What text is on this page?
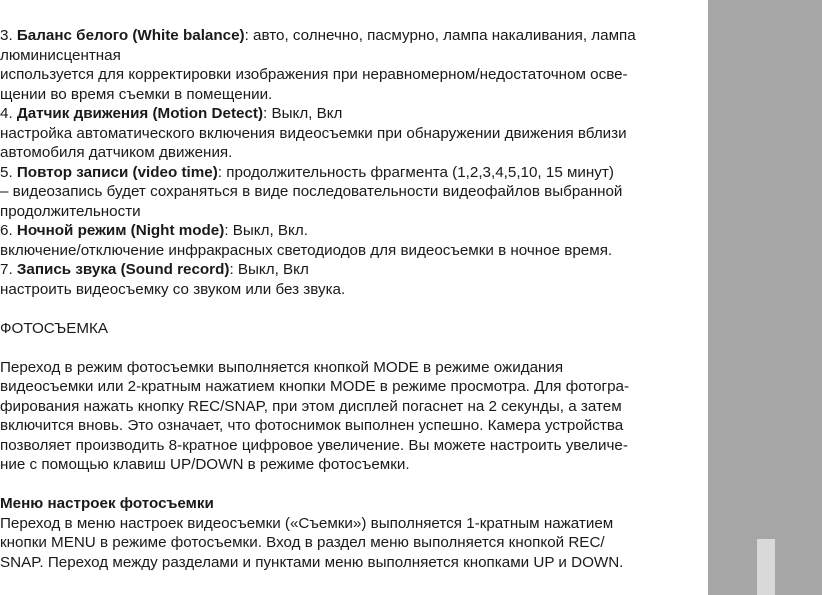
3. Баланс белого (White balance): авто, солнечно, пасмурно, лампа накаливания, лампа

люминисцентная

используется для корректировки изображения при неравномерном/недостаточном осве-

щении во время съемки в помещении.

4. Датчик движения (Motion Detect): Выкл, Вкл

настройка автоматического включения видеосъемки при обнаружении движения вблизи

автомобиля датчиком движения.

5. Повтор записи (video time): продолжительность фрагмента (1,2,3,4,5,10, 15 минут)

– видеозапись будет сохраняться в виде последовательности видеофайлов выбранной

продолжительности

6. Ночной режим (Night mode): Выкл, Вкл.

включение/отключение инфракрасных светодиодов для видеосъемки в ночное время.

7. Запись звука (Sound record): Выкл, Вкл

настроить видеосъемку со звуком или без звука.

ФОТОСЪЕМКА

Переход в режим фотосъемки выполняется кнопкой MODE в режиме ожидания

видеосъемки или 2-кратным нажатием кнопки MODE в режиме просмотра. Для фотогра-

фирования нажать кнопку REC/SNAP, при этом дисплей погаснет на 2 секунды, а затем

включится вновь. Это означает, что фотоснимок выполнен успешно. Камера устройства

позволяет производить 8-кратное цифровое увеличение. Вы можете настроить увеличе-

ние с помощью клавиш UP/DOWN в режиме фотосъемки.

Меню настроек фотосъемки

Переход в меню настроек видеосъемки («Съемки») выполняется 1-кратным нажатием

кнопки MENU в режиме фотосъемки. Вход в раздел меню выполняется кнопкой REC/

SNAP. Переход между разделами и пунктами меню выполняется кнопками UP и DOWN.
